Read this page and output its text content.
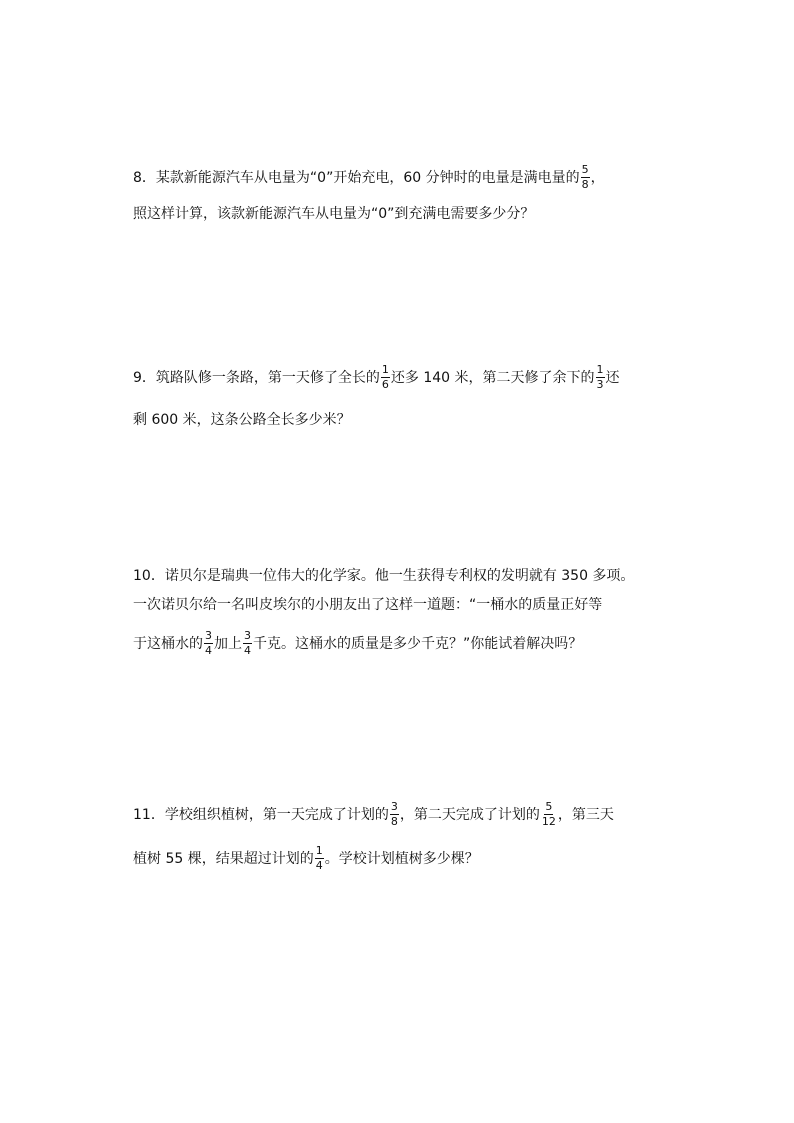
8．某款新能源汽车从电量为“0”开始充电，60 分钟时的电量是满电量的 $\frac{5}{8}$ ，
照这样计算，该款新能源汽车从电量为“0”到充满电需要多少分？
9．筑路队修一条路，第一天修了全长的 $\frac{1}{6}$ 还多 140 米，第二天修了余下的 $\frac{1}{3}$ 还
剩 600 米，这条公路全长多少米？
10．诺贝尔是瑞典一位伟大的化学家。他一生获得专利权的发明就有 350 多项。
一次诺贝尔给一名叫皮埃尔的小朋友出了这样一道题：“一桶水的质量正好等
于这桶水的 $\frac{3}{4}$ 加上 $\frac{3}{4}$ 千克。这桶水的质量是多少千克？”你能试着解决吗？
11．学校组织植树，第一天完成了计划的 $\frac{3}{8}$ ，第二天完成了计划的 $\frac{5}{12}$ ，第三天
植树 55 棵，结果超过计划的 $\frac{1}{4}$ 。学校计划植树多少棵？
